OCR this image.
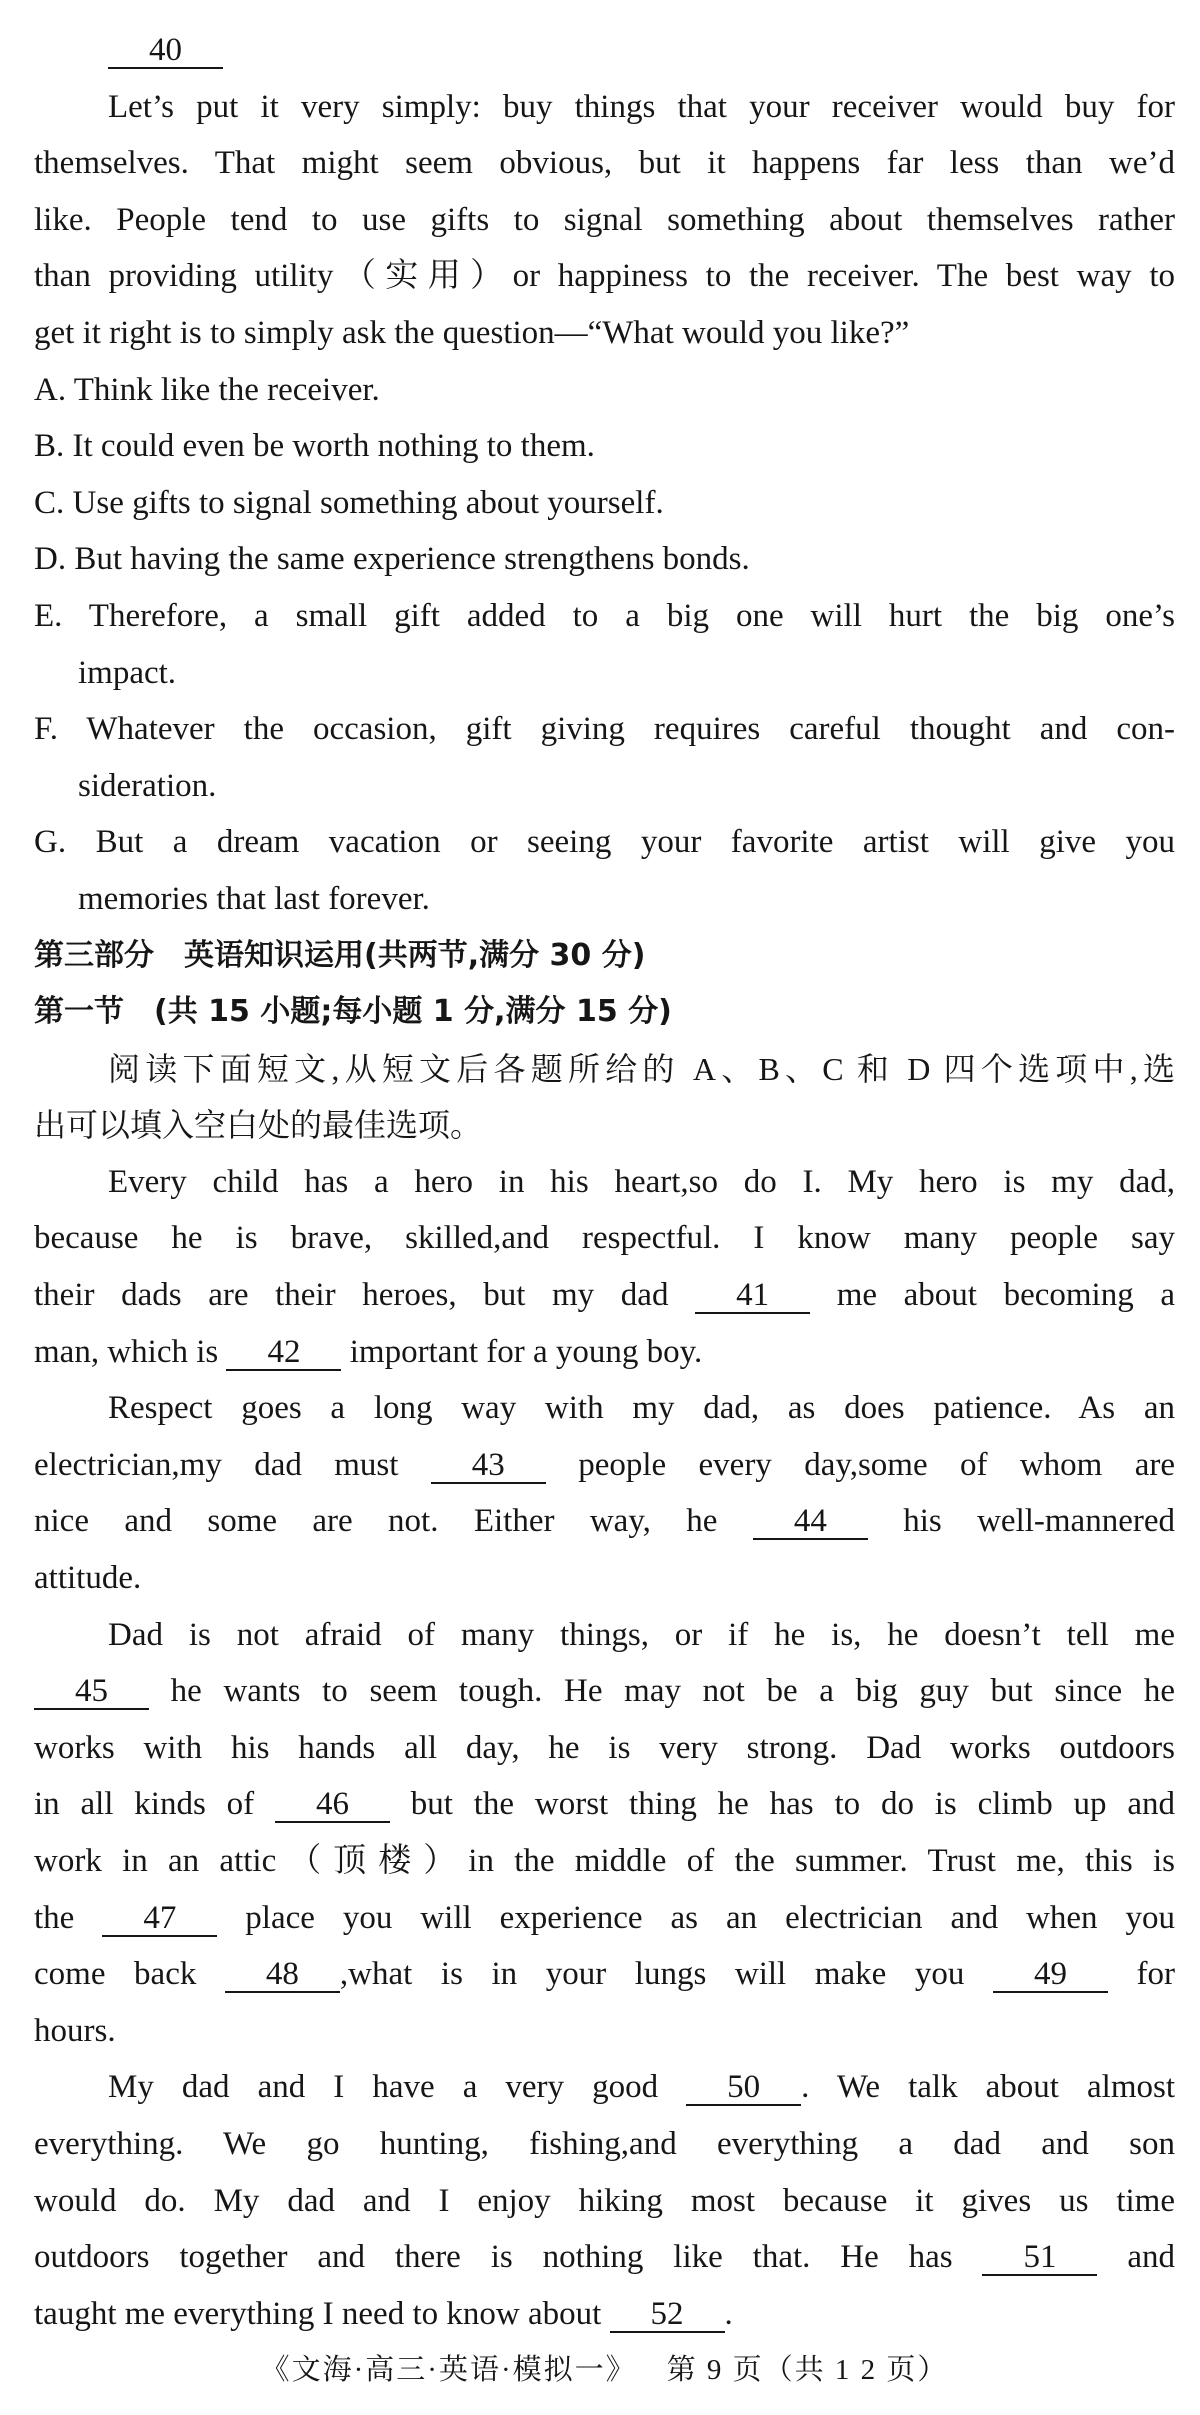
40
Let’s put it very simply: buy things that your receiver would buy for
themselves. That might seem obvious, but it happens far less than we’d
like. People tend to use gifts to signal something about themselves rather
than providing utility（实用）or happiness to the receiver. The best way to
get it right is to simply ask the question—“What would you like?”
A. Think like the receiver.
B. It could even be worth nothing to them.
C. Use gifts to signal something about yourself.
D. But having the same experience strengthens bonds.
E. Therefore, a small gift added to a big one will hurt the big one’s
impact.
F. Whatever the occasion, gift giving requires careful thought and con-
sideration.
G. But a dream vacation or seeing your favorite artist will give you
memories that last forever.
第三部分　英语知识运用(共两节,满分 30 分)
第一节　(共 15 小题;每小题 1 分,满分 15 分)
阅读下面短文,从短文后各题所给的 A、B、C 和 D 四个选项中,选
出可以填入空白处的最佳选项。
Every child has a hero in his heart,so do I. My hero is my dad,
because he is brave, skilled,and respectful. I know many people say
their dads are their heroes, but my dad 41 me about becoming a
man, which is 42 important for a young boy.
Respect goes a long way with my dad, as does patience. As an
electrician,my dad must 43 people every day,some of whom are
nice and some are not. Either way, he 44 his well-mannered
attitude.
Dad is not afraid of many things, or if he is, he doesn’t tell me
45 he wants to seem tough. He may not be a big guy but since he
works with his hands all day, he is very strong. Dad works outdoors
in all kinds of 46 but the worst thing he has to do is climb up and
work in an attic（顶楼）in the middle of the summer. Trust me, this is
the 47 place you will experience as an electrician and when you
come back 48 ,what is in your lungs will make you 49 for
hours.
My dad and I have a very good 50 . We talk about almost
everything. We go hunting, fishing,and everything a dad and son
would do. My dad and I enjoy hiking most because it gives us time
outdoors together and there is nothing like that. He has 51 and
taught me everything I need to know about 52 .
《文海·高三·英语·模拟一》 第 9 页（共 1 2 页）
